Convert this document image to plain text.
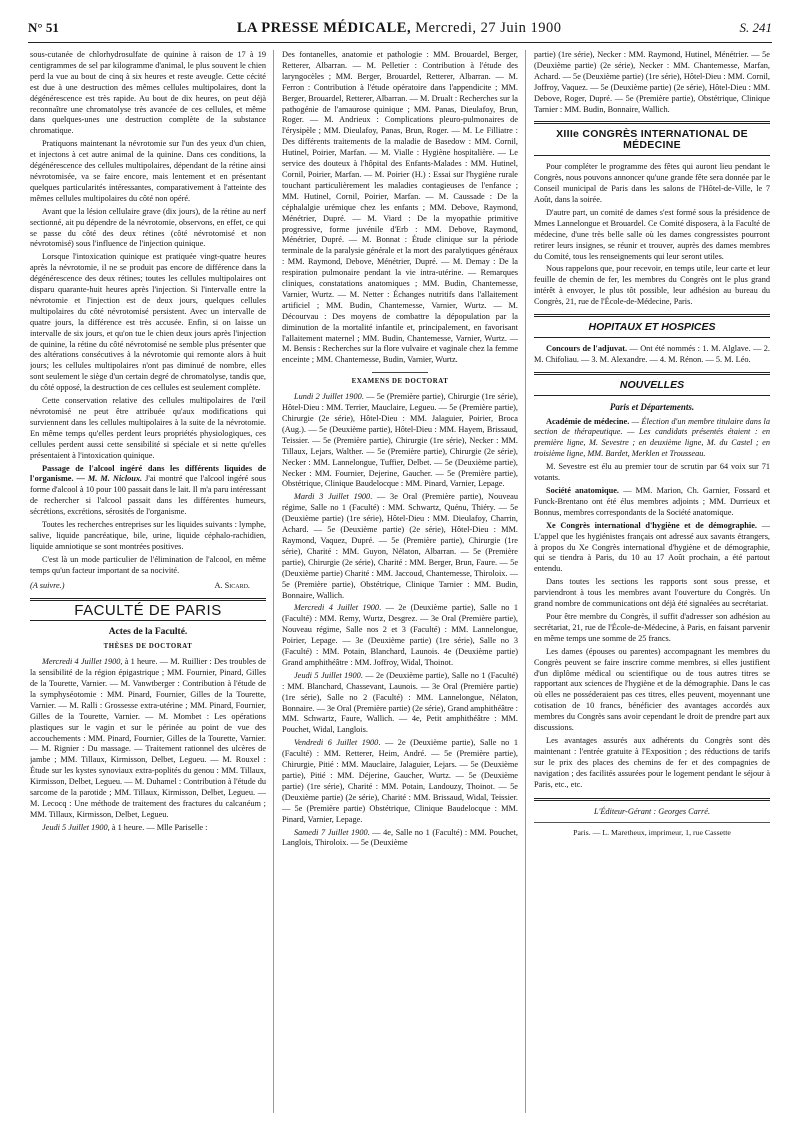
N° 51	LA PRESSE MÉDICALE, Mercredi, 27 Juin 1900	S. 241

sous-cutanée de chlorhydrosulfate de quinine à raison de 17 à 19 centigrammes de sel par kilogramme d'animal, le plus souvent le chien perd la vue au bout de cinq à six heures et reste aveugle. Cette cécité est due à une destruction des mêmes cellules multipolaires, dont la dégénérescence est très rapide. Au bout de dix heures, on peut déjà reconnaître une chromatolyse très avancée de ces cellules, et même dans quelques-unes une destruction complète de la substance chromatique.

Pratiquons maintenant la névrotomie sur l'un des yeux d'un chien, et injectons à cet autre animal de la quinine. Dans ces conditions, la dégénérescence des cellules multipolaires, dépendant de la rétine ainsi névrotomisée, va se faire encore, mais lentement et en présentant quelques particularités intéressantes, comparativement à l'atteinte des mêmes cellules multipolaires du côté non opéré.

Avant que la lésion cellulaire grave (dix jours), de la rétine au nerf sectionné, ait pu dépendre de la névrotomie, observons, en effet, ce qui se passe du côté des deux rétines (côté névrotomisé et non névrotomisé) sous l'influence de l'injection quinique.

Lorsque l'intoxication quinique est pratiquée vingt-quatre heures après la névrotomie, il ne se produit pas encore de différence dans la dégénérescence des deux rétines; toutes les cellules multipolaires ont disparu quarante-huit heures après l'injection. Si l'intervalle entre la névrotomie et l'injection est de deux jours, quelques cellules multipolaires du côté névrotomisé persistent. Avec un intervalle de quatre jours, la différence est très accusée. Enfin, si on laisse un intervalle de six jours, et qu'on tue le chien deux jours après l'injection de quinine, la rétine du côté névrotomisé ne semble plus présenter que des altérations consécutives à la névrotomie qui remonte alors à huit jours; les cellules multipolaires n'ont pas diminué de nombre, elles sont seulement le siège d'un certain degré de chromatolyse, tandis que, du côté opposé, la destruction de ces cellules est seulement complète.

Cette conservation relative des cellules multipolaires de l'œil névrotomisé ne peut être attribuée qu'aux modifications qui surviennent dans les cellules multipolaires à la suite de la névrotomie. En même temps qu'elles perdent leurs propriétés physiologiques, ces cellules perdent aussi cette sensibilité si spéciale et si nette qu'elles présentaient à l'intoxication quinique.

Passage de l'alcool ingéré dans les différents liquides de l'organisme. — M. M. Nicloux. J'ai montré que l'alcool ingéré sous forme d'alcool à 10 pour 100 passait dans le lait. Il m'a paru intéressant de rechercher si l'alcool passait dans les différentes humeurs, sécrétions, excrétions, sérosités de l'organisme.

Toutes les recherches entreprises sur les liquides suivants : lymphe, salive, liquide pancréatique, bile, urine, liquide céphalo-rachidien, liquide amniotique se sont montrées positives.

C'est là un mode particulier de l'élimination de l'alcool, en même temps qu'un facteur important de sa nocivité.

(A suivre.)	A. Sicard.
FACULTÉ DE PARIS
Actes de la Faculté.
THÈSES DE DOCTORAT

Mercredi 4 Juillet 1900, à 1 heure. — M. Ruillier : Des troubles de la sensibilité de la région épigastrique ; MM. Fournier, Pinard, Gilles de la Tourette, Varnier. — M. Vanwtberger : Contribution à l'étude de la symphyséotomie : MM. Pinard, Fournier, Gilles de la Tourette, Varnier. — M. Ralli : Grossesse extra-utérine ; MM. Pinard, Fournier, Gilles de la Tourette, Varnier. — M. Mombet : Les opérations plastiques sur le vagin et sur le périnée au point de vue des accouchements : MM. Pinard, Fournier, Gilles de la Tourette, Varnier. — M. Rignier : Du massage. — Traitement rationnel des ulcères de jambe ; MM. Tillaux, Kirmisson, Delbet, Legueu. — M. Rouxel : Étude sur les kystes synoviaux extra-poplités du genou : MM. Tillaux, Kirmisson, Delbet, Legueu. — M. Duhamel : Contribution à l'étude du sarcome de la parotide ; MM. Tillaux, Kirmisson, Delbet, Legueu. — M. Lecocq : Une méthode de traitement des fractures du calcanéum ; MM. Tillaux, Kirmisson, Delbet, Legueu.

Jeudi 5 Juillet 1900, à 1 heure. — Mlle Pariselle :

Des fontanelles, anatomie et pathologie : MM. Brouardel, Berger, Retterer, Albarran. — M. Pelletier : Contribution à l'étude des laryngocèles ; MM. Berger, Brouardel, Retterer, Albarran. — M. Ferron : Contribution à l'étude opératoire dans l'appendicite ; MM. Berger, Brouardel, Retterer, Albarran. — M. Drualt : Recherches sur la pathogénie de l'amaurose quinique ; MM. Panas, Dieulafoy, Brun, Roger. — M. Andrieux : Complications pleuro-pulmonaires de l'érysipèle ; MM. Dieulafoy, Panas, Brun, Roger. — M. Le Filliatre : Des différents traitements de la maladie de Basedow : MM. Cornil, Hutinel, Poirier, Marfan. — M. Vialle : Hygiène hospitalière. — Le service des douteux à l'hôpital des Enfants-Malades : MM. Hutinel, Cornil, Poirier, Marfan. — M. Poirier (H.) : Essai sur l'hygiène rurale touchant particulièrement les maladies contagieuses de l'enfance ; MM. Hutinel, Cornil, Poirier, Marfan. — M. Caussade : De la céphalalgie urémique chez les enfants ; MM. Debove, Raymond, Ménétrier, Dupré. — M. Viard : De la myopathie primitive progressive, forme juvénile d'Erb : MM. Debove, Raymond, Ménétrier, Dupré. — M. Bonnat : Étude clinique sur la période terminale de la paralysie générale et la mort des paralytiques généraux : MM. Raymond, Debove, Ménétrier, Dupré. — M. Demay : De la respiration pulmonaire pendant la vie intra-utérine. — Remarques cliniques, constatations anatomiques ; MM. Budin, Chantemesse, Varnier, Wurtz. — M. Netter : Échanges nutritifs dans l'allaitement artificiel ; MM. Budin, Chantemesse, Varnier, Wurtz. — M. Décourvau : Des moyens de combattre la dépopulation par la diminution de la mortalité infantile et, principalement, en favorisant l'allaitement maternel ; MM. Budin, Chantemesse, Varnier, Wurtz. — M. Bensis : Recherches sur la flore vulvaire et vaginale chez la femme enceinte ; MM. Chantemesse, Budin, Varnier, Wurtz.

EXAMENS DE DOCTORAT

Lundi 2 Juillet 1900. — 5e (Première partie), Chirurgie (1re série), Hôtel-Dieu : MM. Terrier, Mauclaire, Legueu. — 5e (Première partie), Chirurgie (2e série), Hôtel-Dieu : MM. Jalaguier, Poirier, Broca (Aug.). — 5e (Deuxième partie), Hôtel-Dieu : MM. Hayem, Brissaud, Teissier. — 5e (Première partie), Chirurgie (1re série), Necker : MM. Tillaux, Lejars, Walther. — 5e (Première partie), Chirurgie (2e série), Necker : MM. Lannelongue, Tuffier, Delbet. — 5e (Deuxième partie), Necker : MM. Fournier, Dejerine, Gaucher. — 5e (Première partie), Obstétrique, Clinique Baudelocque : MM. Pinard, Varnier, Lepage.

Mardi 3 Juillet 1900. — 3e Oral (Première partie), Nouveau régime, Salle no 1 (Faculté) : MM. Schwartz, Quénu, Thiéry. — 5e (Deuxième partie) (1re série), Hôtel-Dieu : MM. Dieulafoy, Charrin, Achard. — 5e (Deuxième partie) (2e série), Hôtel-Dieu : MM. Raymond, Vaquez, Dupré. — 5e (Première partie), Chirurgie (1re série), Charité : MM. Guyon, Nélaton, Albarran. — 5e (Première partie), Chirurgie (2e série), Charité : MM. Berger, Brun, Faure. — 5e (Deuxième partie) Charité : MM. Jaccoud, Chantemesse, Thiroloix. — 5e (Première partie), Obstétrique, Clinique Tarnier : MM. Budin, Bonnaire, Wallich.

Mercredi 4 Juillet 1900. — 2e (Deuxième partie), Salle no 1 (Faculté) : MM. Remy, Wurtz, Desgrez. — 3e Oral (Première partie), Nouveau régime, Salle nos 2 et 3 (Faculté) : MM. Lannelongue, Poirier, Lepage. — 3e (Deuxième partie) (1re série), Salle no 3 (Faculté) : MM. Potain, Blanchard, Launois. 4e (Deuxième partie) Grand amphithéâtre : MM. Joffroy, Widal, Thoinot.

Jeudi 5 Juillet 1900. — 2e (Deuxième partie), Salle no 1 (Faculté) : MM. Blanchard, Chassevant, Launois. — 3e Oral (Première partie) (1re série), Salle no 2 (Faculté) : MM. Lannelongue, Nélaton, Bonnaire. — 3e Oral (Première partie) (2e série), Grand amphithéâtre : MM. Schwartz, Faure, Wallich. — 4e, Petit amphithéâtre : MM. Pouchet, Widal, Langlois.

Vendredi 6 Juillet 1900. — 2e (Deuxième partie), Salle no 1 (Faculté) : MM. Retterer, Heim, André. — 5e (Première partie), Chirurgie, Pitié : MM. Mauclaire, Jalaguier, Lejars. — 5e (Deuxième partie), Pitié : MM. Déjerine, Gaucher, Wurtz. — 5e (Deuxième partie) (1re série), Charité : MM. Potain, Landouzy, Thoinot. — 5e (Deuxième partie) (2e série), Charité : MM. Brissaud, Widal, Teissier. — 5e (Première partie) Obstétrique, Clinique Baudelocque : MM. Pinard, Varnier, Lepage.

Samedi 7 Juillet 1900. — 4e, Salle no 1 (Faculté) : MM. Pouchet, Langlois, Thiroloix. — 5e (Deuxième

partie) (1re série), Necker : MM. Raymond, Hutinel, Ménétrier. — 5e (Deuxième partie) (2e série), Necker : MM. Chantemesse, Marfan, Achard. — 5e (Deuxième partie) (1re série), Hôtel-Dieu : MM. Cornil, Joffroy, Vaquez. — 5e (Deuxième partie) (2e série), Hôtel-Dieu : MM. Debove, Roger, Dupré. — 5e (Première partie), Obstétrique, Clinique Tarnier : MM. Budin, Bonnaire, Wallich.

XIIIe CONGRÈS INTERNATIONAL DE MÉDECINE

Pour compléter le programme des fêtes qui auront lieu pendant le Congrès, nous pouvons annoncer qu'une grande fête sera donnée par le Conseil municipal de Paris dans les salons de l'Hôtel-de-Ville, le 7 Août, dans la soirée.

D'autre part, un comité de dames s'est formé sous la présidence de Mmes Lannelongue et Brouardel. Ce Comité disposera, à la Faculté de médecine, d'une très belle salle où les dames congressistes pourront retirer leurs insignes, se réunir et trouver, auprès des dames membres du Comité, tous les renseignements qui leur seront utiles.

Nous rappelons que, pour recevoir, en temps utile, leur carte et leur feuille de chemin de fer, les membres du Congrès ont le plus grand intérêt à envoyer, le plus tôt possible, leur adhésion au bureau du Congrès, 21, rue de l'École-de-Médecine, Paris.

HOPITAUX ET HOSPICES

Concours de l'adjuvat. — Ont été nommés : 1. M. Alglave. — 2. M. Chifoliau. — 3. M. Alexandre. — 4. M. Rénon. — 5. M. Léo.

NOUVELLES
Paris et Départements.

Académie de médecine. — Élection d'un membre titulaire dans la section de thérapeutique. — Les candidats présentés étaient : en première ligne, M. Sevestre ; en deuxième ligne, M. du Castel ; en troisième ligne, MM. Bardet, Merklen et Trousseau.

M. Sevestre est élu au premier tour de scrutin par 64 voix sur 71 votants.

Société anatomique. — MM. Marion, Ch. Garnier, Fossard et Funck-Brentano ont été élus membres adjoints ; MM. Durrieux et Bonnus, membres correspondants de la Société anatomique.

Xe Congrès international d'hygiène et de démographie. — L'appel que les hygiénistes français ont adressé aux savants étrangers, à propos du Xe Congrès international d'hygiène et de démographie, qui se tiendra à Paris, du 10 au 17 Août prochain, a été partout entendu.

Dans toutes les sections les rapports sont sous presse, et parviendront à tous les membres avant l'ouverture du Congrès. Un grand nombre de communications ont déjà été signalées au secrétariat.

Pour être membre du Congrès, il suffit d'adresser son adhésion au secrétariat, 21, rue de l'École-de-Médecine, à Paris, en faisant parvenir en même temps une somme de 25 francs.

Les dames (épouses ou parentes) accompagnant les membres du Congrès peuvent se faire inscrire comme membres, si elles justifient d'un diplôme médical ou scientifique ou de tous autres titres se rapportant aux sciences de l'hygiène et de la démographie. Dans le cas où elles ne posséderaient pas ces titres, elles peuvent, moyennant une cotisation de 10 francs, bénéficier des avantages accordés aux membres du Congrès sans avoir cependant le droit de prendre part aux discussions.

Les avantages assurés aux adhérents du Congrès sont dès maintenant : l'entrée gratuite à l'Exposition ; des réductions de tarifs sur le prix des places des chemins de fer et des compagnies de navigation ; des facilités assurées pour le logement pendant le séjour à Paris, etc., etc.

L'Éditeur-Gérant : Georges Carré.
Paris. — L. Maretheux, imprimeur, 1, rue Cassette
